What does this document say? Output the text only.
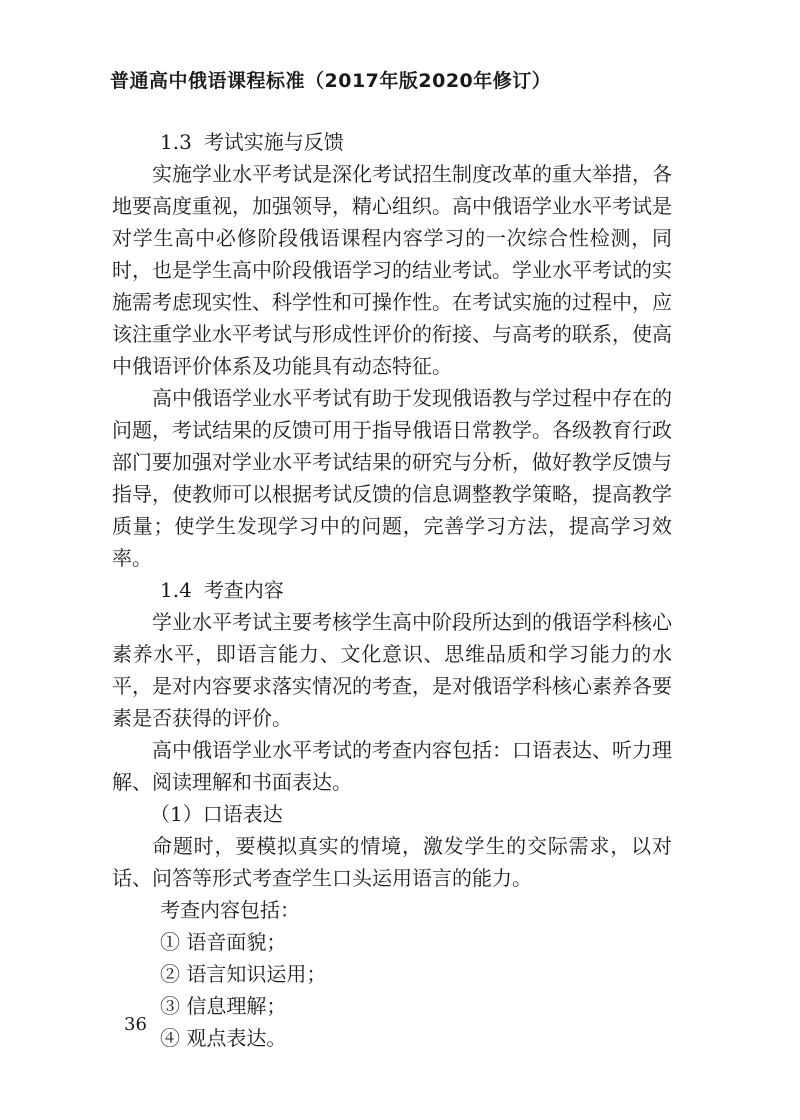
普通高中俄语课程标准（2017年版2020年修订）

1.3 考试实施与反馈

实施学业水平考试是深化考试招生制度改革的重大举措，各地要高度重视，加强领导，精心组织。高中俄语学业水平考试是对学生高中必修阶段俄语课程内容学习的一次综合性检测，同时，也是学生高中阶段俄语学习的结业考试。学业水平考试的实施需考虑现实性、科学性和可操作性。在考试实施的过程中，应该注重学业水平考试与形成性评价的衔接、与高考的联系，使高中俄语评价体系及功能具有动态特征。

高中俄语学业水平考试有助于发现俄语教与学过程中存在的问题，考试结果的反馈可用于指导俄语日常教学。各级教育行政部门要加强对学业水平考试结果的研究与分析，做好教学反馈与指导，使教师可以根据考试反馈的信息调整教学策略，提高教学质量；使学生发现学习中的问题，完善学习方法，提高学习效率。

1.4 考查内容

学业水平考试主要考核学生高中阶段所达到的俄语学科核心素养水平，即语言能力、文化意识、思维品质和学习能力的水平，是对内容要求落实情况的考查，是对俄语学科核心素养各要素是否获得的评价。

高中俄语学业水平考试的考查内容包括：口语表达、听力理解、阅读理解和书面表达。

（1）口语表达

命题时，要模拟真实的情境，激发学生的交际需求，以对话、问答等形式考查学生口头运用语言的能力。

考查内容包括：

① 语音面貌；

② 语言知识运用；

③ 信息理解；

④ 观点表达。

36
